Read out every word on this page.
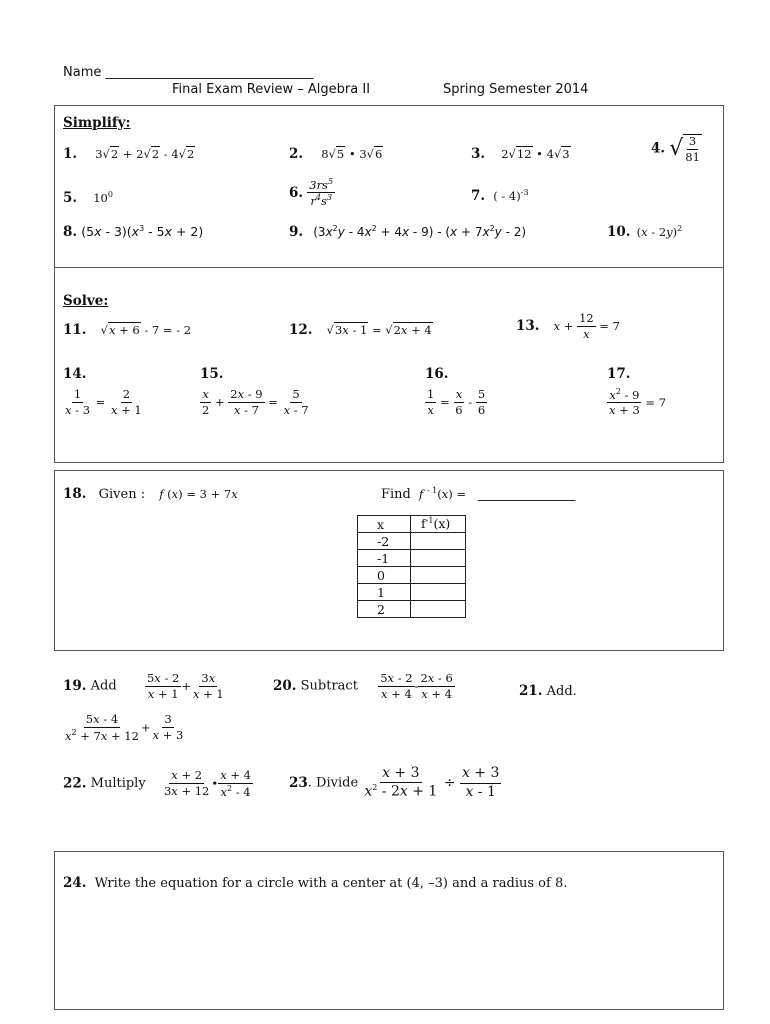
Name ________________________________
Final Exam Review – Algebra II	Spring Semester 2014
Simplify:
1. 3√2 + 2√2 - 4√2	2. 8√5 • 3√6	3. 2√12 • 4√3	4. √ $\frac{3}{81}$
5. $10^0$	6. $\frac{3rs^5}{r^4s^3}$	7. ( - 4)$^{-3}$
8. $(5x - 3)(x^3 - 5x + 2)$	9. $(3x^2y - 4x^2 + 4x - 9) - (x + 7x^2y - 2)$	10. (x - 2y)$^2$
Solve:
11. √x + 6 - 7 = - 2	12. √3x - 1 = √2x + 4	13. $x + \frac{12}{x} = 7$
14.
$\frac{1}{x - 3} = \frac{2}{x + 1}$
15.
$\frac{x}{2} + \frac{2x - 9}{x - 7} = \frac{5}{x - 7}$
16.
$\frac{1}{x} = \frac{x}{6} - \frac{5}{6}$
17.
$\frac{x^2 - 9}{x + 3} = 7$
18. Given : f (x) = 3 + 7x	Find f $^{- 1}$(x) = _______________
x	$f^{-1}(x)$
-2	
-1	
0	
1	
2	
19. Add $\frac{5x - 2}{x + 1} + \frac{3x}{x + 1}$	20. Subtract $\frac{5x - 2}{x + 4} - \frac{2x - 6}{x + 4}$	21. Add.
$\frac{5x - 4}{x^2 + 7x + 12} + \frac{3}{x + 3}$
22. Multiply $\frac{x + 2}{3x + 12}$ • $\frac{x + 4}{x^2 - 4}$	23. Divide $\frac{x + 3}{x^2 - 2x + 1} \div \frac{x + 3}{x - 1}$
24. Write the equation for a circle with a center at (4, –3) and a radius of 8.
